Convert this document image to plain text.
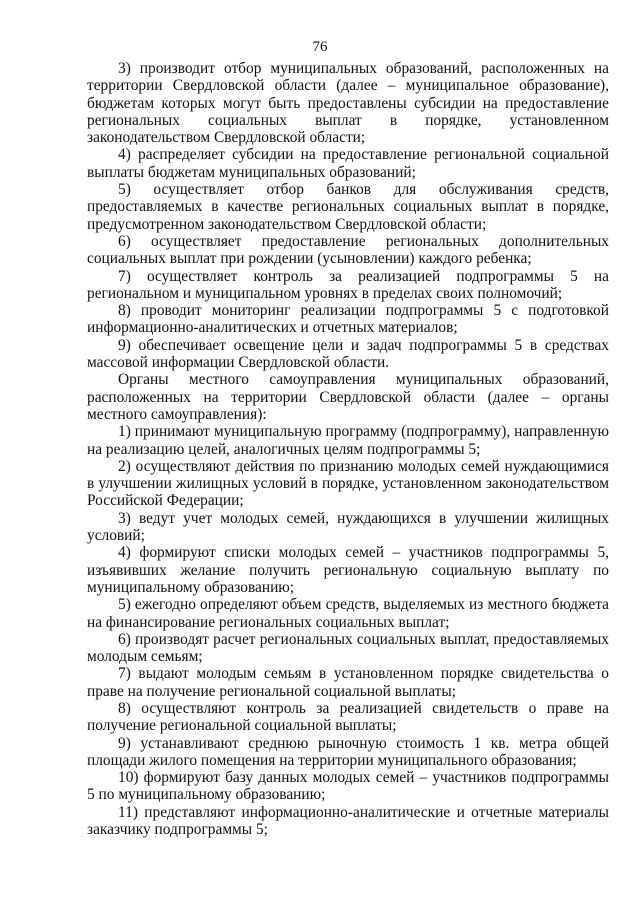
76

3) производит отбор муниципальных образований, расположенных на территории Свердловской области (далее – муниципальное образование), бюджетам которых могут быть предоставлены субсидии на предоставление региональных социальных выплат в порядке, установленном законодательством Свердловской области;

4) распределяет субсидии на предоставление региональной социальной выплаты бюджетам муниципальных образований;

5) осуществляет отбор банков для обслуживания средств, предоставляемых в качестве региональных социальных выплат в порядке, предусмотренном законодательством Свердловской области;

6) осуществляет предоставление региональных дополнительных социальных выплат при рождении (усыновлении) каждого ребенка;

7) осуществляет контроль за реализацией подпрограммы 5 на региональном и муниципальном уровнях в пределах своих полномочий;

8) проводит мониторинг реализации подпрограммы 5 с подготовкой информационно-аналитических и отчетных материалов;

9) обеспечивает освещение цели и задач подпрограммы 5 в средствах массовой информации Свердловской области.

Органы местного самоуправления муниципальных образований, расположенных на территории Свердловской области (далее – органы местного самоуправления):

1) принимают муниципальную программу (подпрограмму), направленную на реализацию целей, аналогичных целям подпрограммы 5;

2) осуществляют действия по признанию молодых семей нуждающимися в улучшении жилищных условий в порядке, установленном законодательством Российской Федерации;

3) ведут учет молодых семей, нуждающихся в улучшении жилищных условий;

4) формируют списки молодых семей – участников подпрограммы 5, изъявивших желание получить региональную социальную выплату по муниципальному образованию;

5) ежегодно определяют объем средств, выделяемых из местного бюджета на финансирование региональных социальных выплат;

6) производят расчет региональных социальных выплат, предоставляемых молодым семьям;

7) выдают молодым семьям в установленном порядке свидетельства о праве на получение региональной социальной выплаты;

8) осуществляют контроль за реализацией свидетельств о праве на получение региональной социальной выплаты;

9) устанавливают среднюю рыночную стоимость 1 кв. метра общей площади жилого помещения на территории муниципального образования;

10) формируют базу данных молодых семей – участников подпрограммы 5 по муниципальному образованию;

11) представляют информационно-аналитические и отчетные материалы заказчику подпрограммы 5;
